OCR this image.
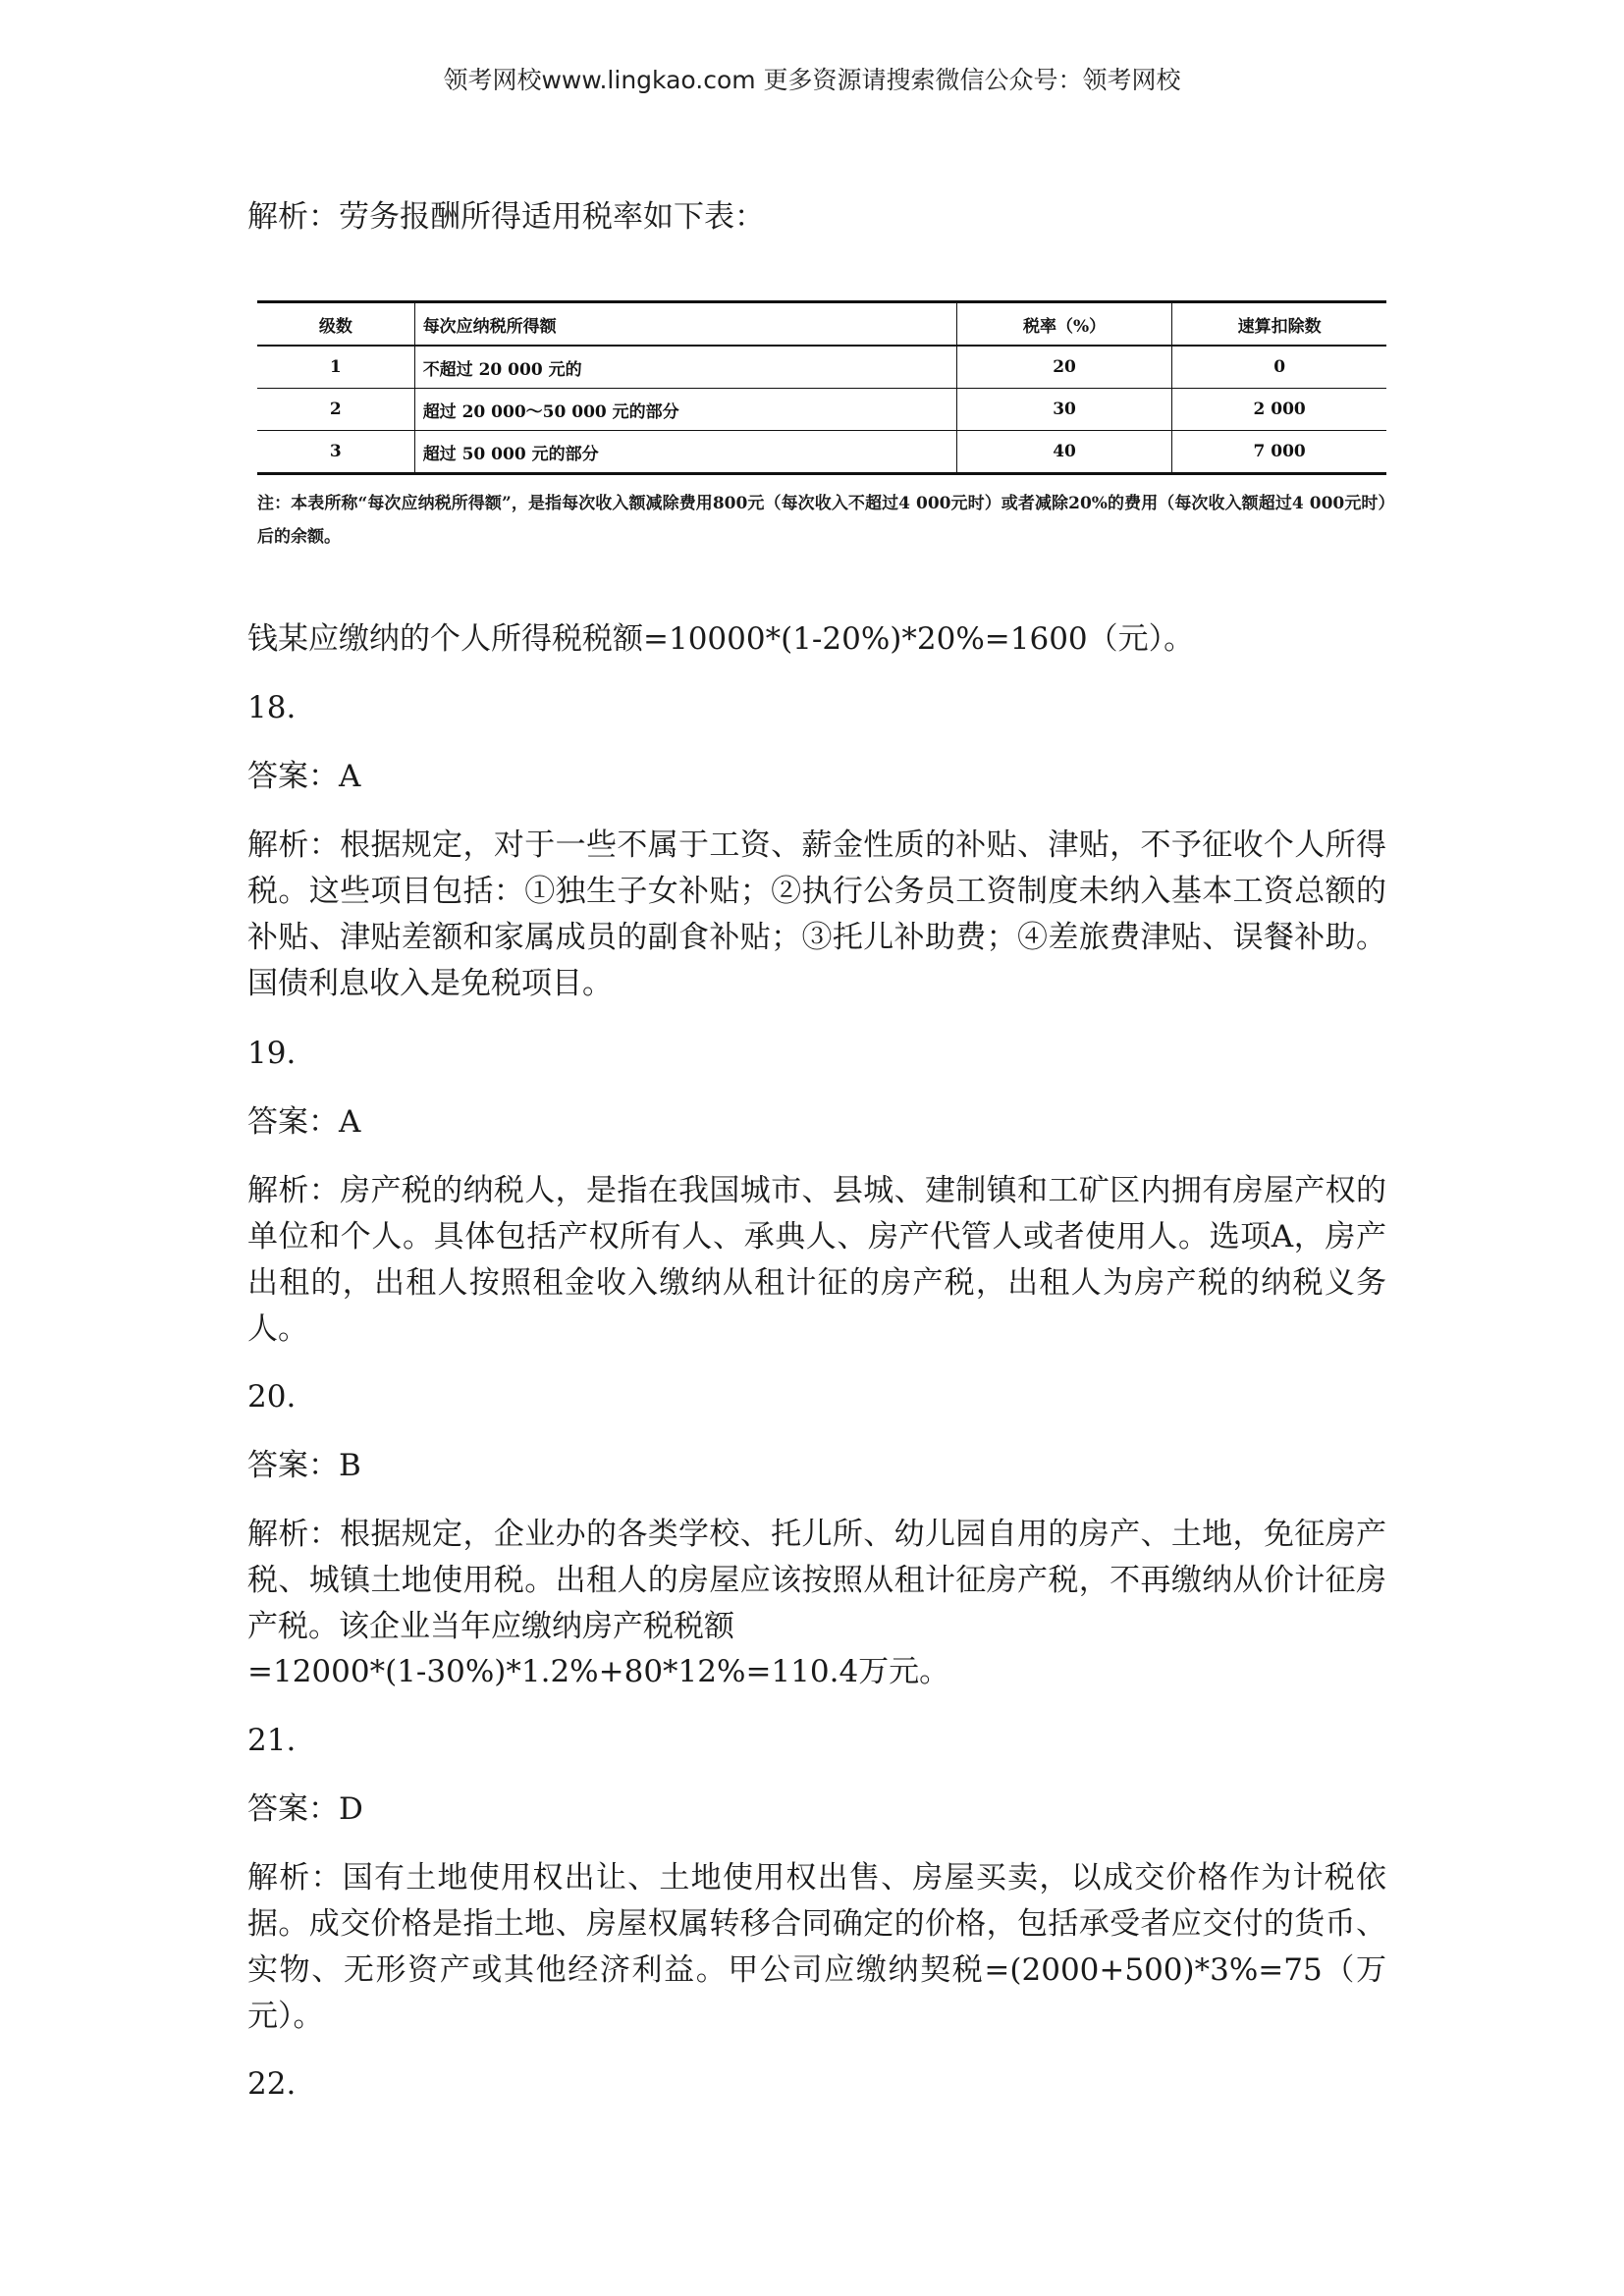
领考网校www.lingkao.com 更多资源请搜索微信公众号：领考网校

解析：劳务报酬所得适用税率如下表：

级数	每次应纳税所得额	税率（%）	速算扣除数
1	不超过 20 000 元的	20	0
2	超过 20 000～50 000 元的部分	30	2 000
3	超过 50 000 元的部分	40	7 000
注：本表所称“每次应纳税所得额”，是指每次收入额减除费用800元（每次收入不超过4 000元时）或者减除20%的费用（每次收入额超过4 000元时）后的余额。

钱某应缴纳的个人所得税税额=10000*(1-20%)*20%=1600（元）。

18.
答案：A

解析：根据规定，对于一些不属于工资、薪金性质的补贴、津贴，不予征收个人所得税。这些项目包括：①独生子女补贴；②执行公务员工资制度未纳入基本工资总额的补贴、津贴差额和家属成员的副食补贴；③托儿补助费；④差旅费津贴、误餐补助。国债利息收入是免税项目。

19.
答案：A

解析：房产税的纳税人，是指在我国城市、县城、建制镇和工矿区内拥有房屋产权的单位和个人。具体包括产权所有人、承典人、房产代管人或者使用人。选项A，房产出租的，出租人按照租金收入缴纳从租计征的房产税，出租人为房产税的纳税义务人。

20.
答案：B

解析：根据规定，企业办的各类学校、托儿所、幼儿园自用的房产、土地，免征房产税、城镇土地使用税。出租人的房屋应该按照从租计征房产税，不再缴纳从价计征房产税。该企业当年应缴纳房产税税额

=12000*(1-30%)*1.2%+80*12%=110.4万元。

21.
答案：D

解析：国有土地使用权出让、土地使用权出售、房屋买卖，以成交价格作为计税依据。成交价格是指土地、房屋权属转移合同确定的价格，包括承受者应交付的货币、实物、无形资产或其他经济利益。甲公司应缴纳契税=(2000+500)*3%=75（万元）。

22.
